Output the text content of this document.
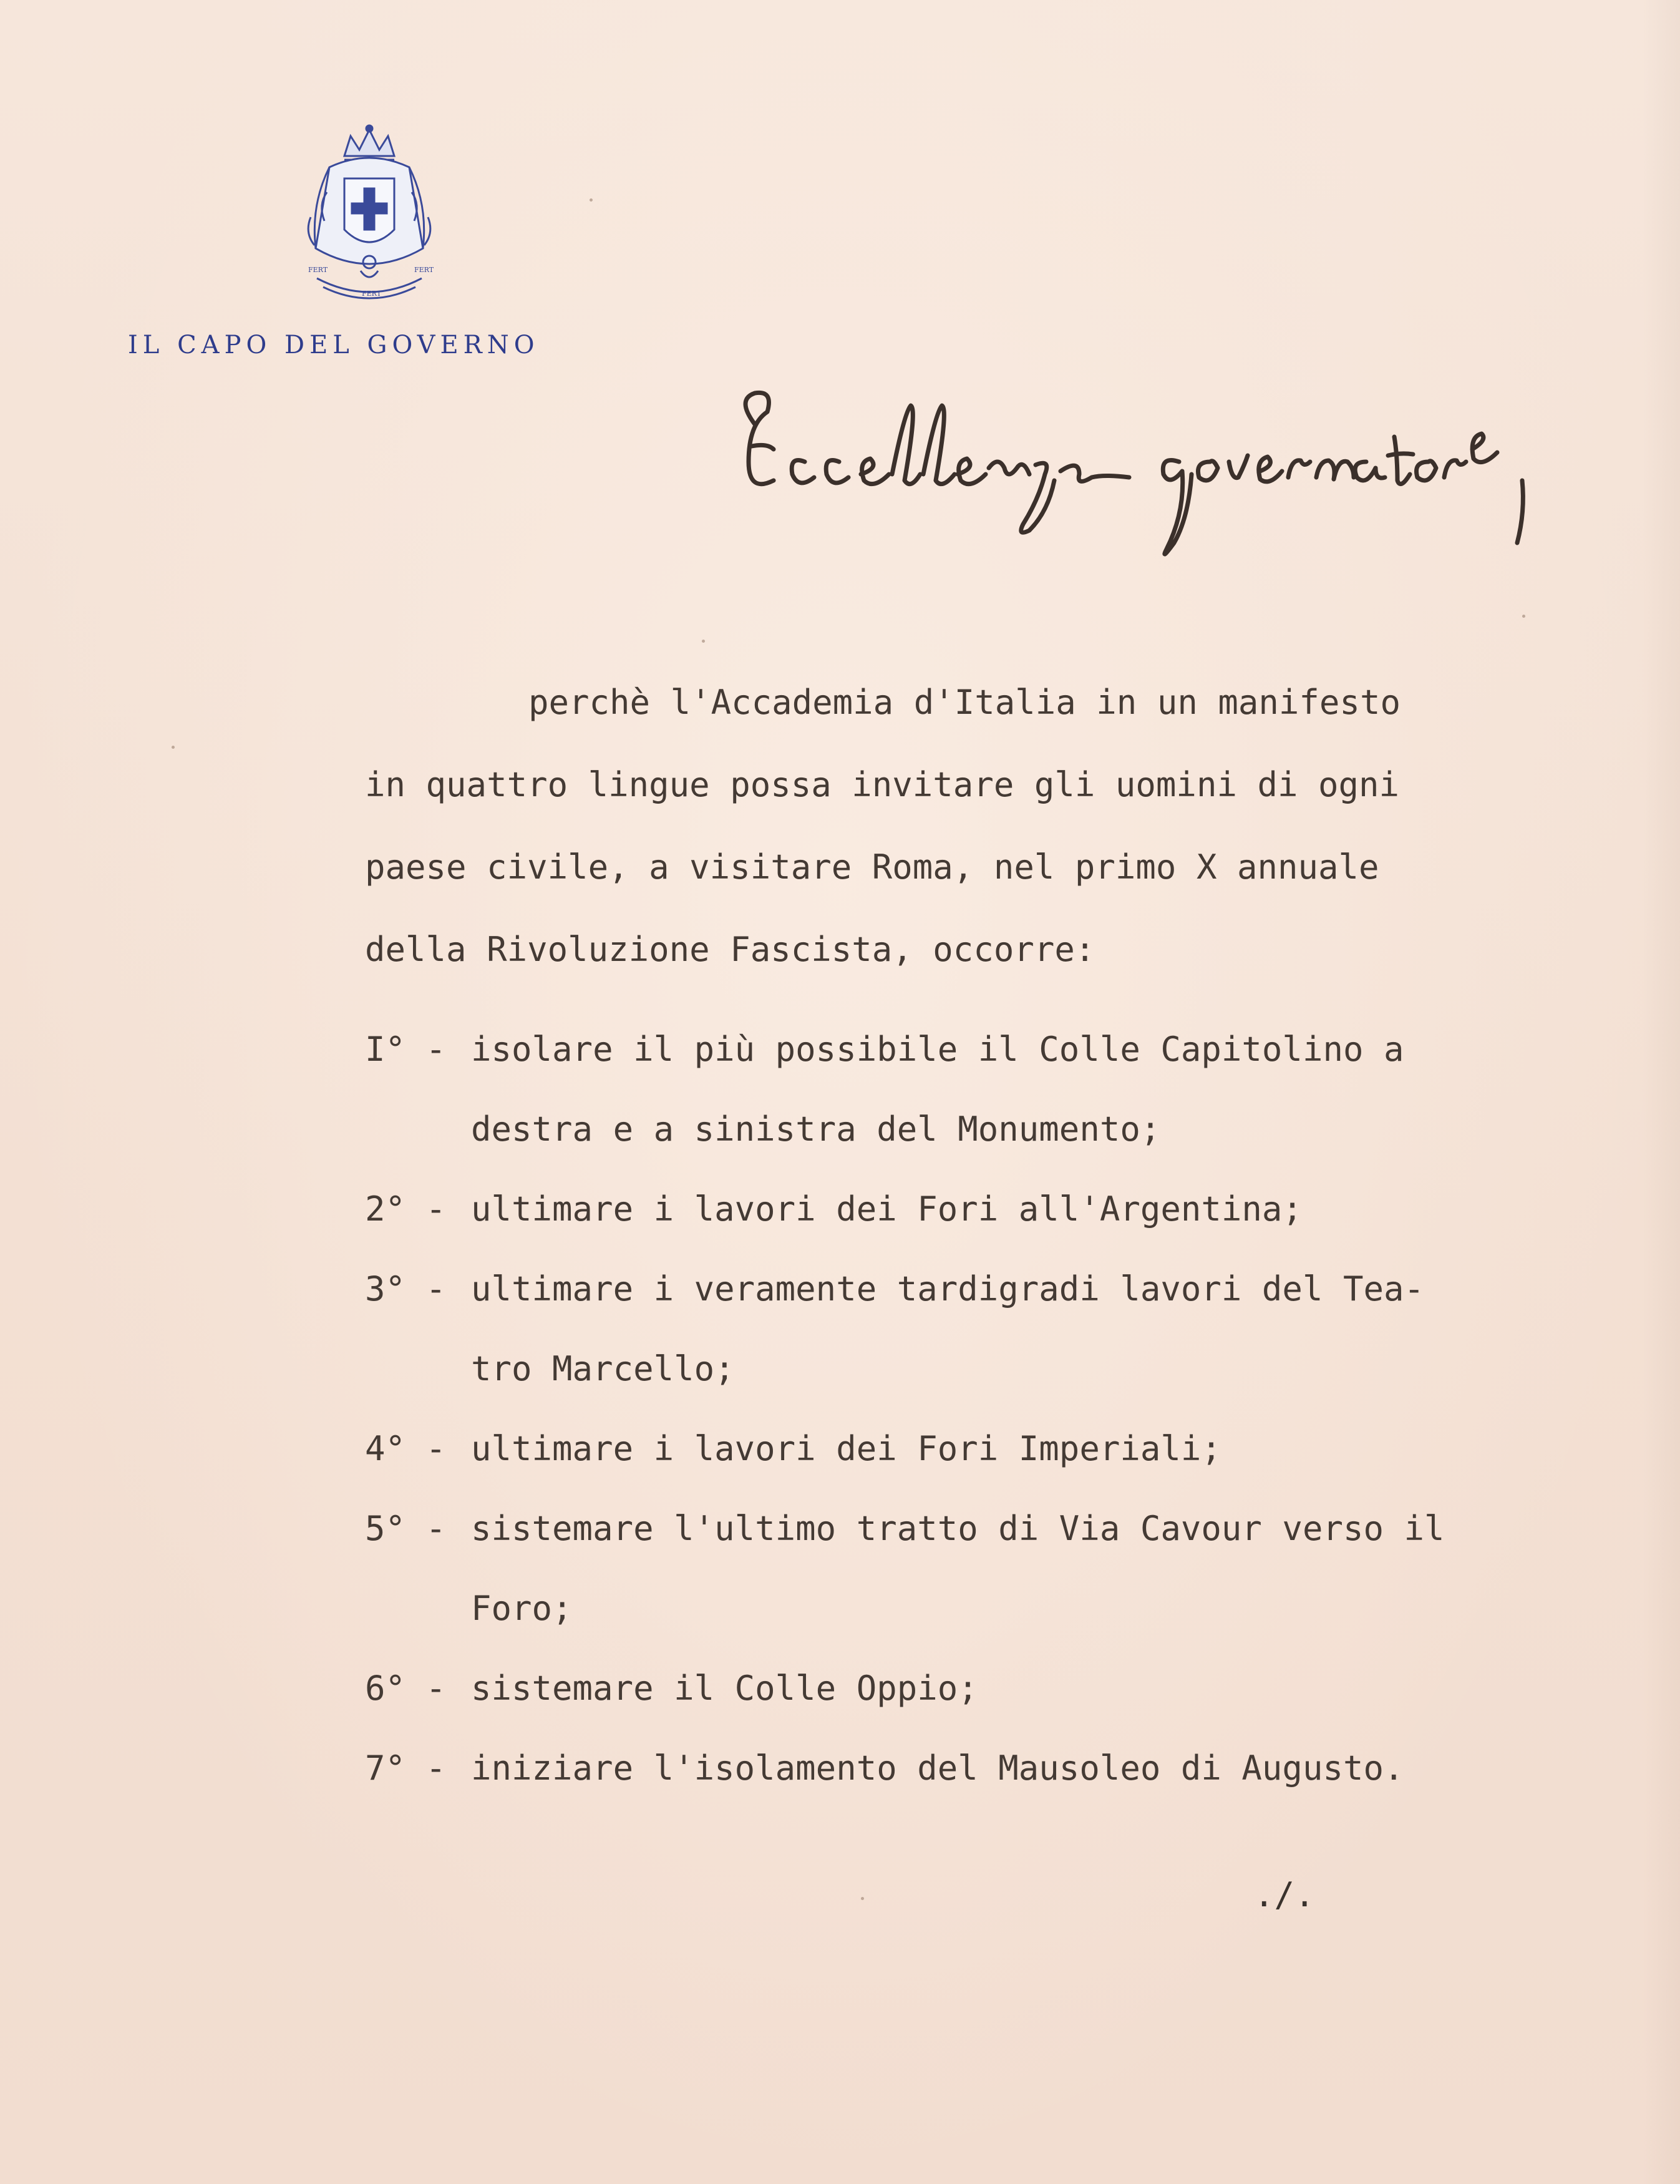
FERT
FERT
FERT
IL CAPO DEL GOVERNO
perchè l'Accademia d'Italia in un manifesto
in quattro lingue possa invitare gli uomini di ogni
paese civile, a visitare Roma, nel primo X annuale
della Rivoluzione Fascista, occorre:
I° - isolare il più possibile il Colle Capitolino a
destra e a sinistra del Monumento;
2° - ultimare i lavori dei Fori all'Argentina;
3° - ultimare i veramente tardigradi lavori del Tea-
tro Marcello;
4° - ultimare i lavori dei Fori Imperiali;
5° - sistemare l'ultimo tratto di Via Cavour verso il
Foro;
6° - sistemare il Colle Oppio;
7° - iniziare l'isolamento del Mausoleo di Augusto.
./.
